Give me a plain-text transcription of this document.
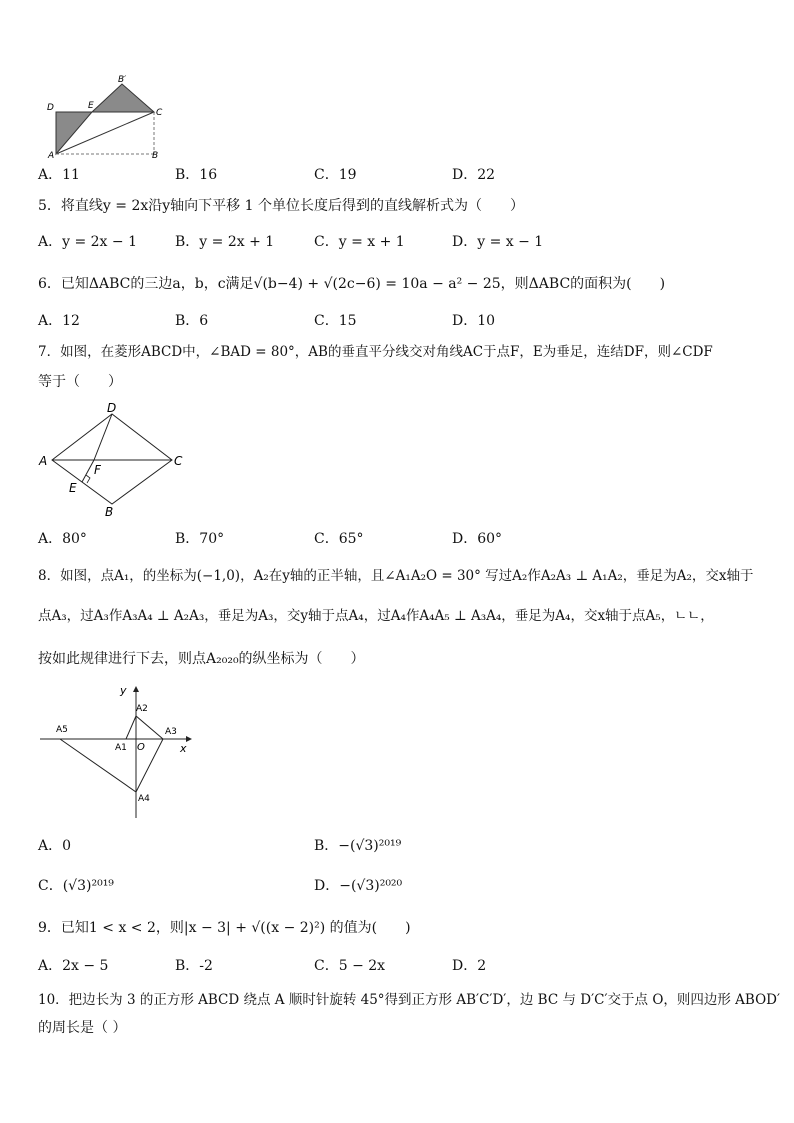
D	E
B′
C
A	B
A．11	B．16	C．19	D．22
5．将直线y = 2x沿y轴向下平移 1 个单位长度后得到的直线解析式为（　　）
A．y = 2x − 1	B．y = 2x + 1	C．y = x + 1	D．y = x − 1
6．已知ΔABC的三边a，b，c满足√(b−4) + √(2c−6) = 10a − a² − 25，则ΔABC的面积为(　　)
A．12	B．6	C．15	D．10
7．如图，在菱形ABCD中，∠BAD = 80°，AB的垂直平分线交对角线AC于点F，E为垂足，连结DF，则∠CDF
等于（　　）
D
A	C
F
E
B
A．80°	B．70°	C．65°	D．60°
8．如图，点A₁，的坐标为(−1,0)，A₂在y轴的正半轴，且∠A₁A₂O = 30° 写过A₂作A₂A₃ ⊥ A₁A₂，垂足为A₂，交x轴于
点A₃，过A₃作A₃A₄ ⊥ A₂A₃，垂足为A₃，交y轴于点A₄，过A₄作A₄A₅ ⊥ A₃A₄，垂足为A₄，交x轴于点A₅，ㄴㄴ，
按如此规律进行下去，则点A₂₀₂₀的纵坐标为（　　）
y
x
A2
A3
A5
A1 O
A4
A．0	B．−(√3)²⁰¹⁹
C．(√3)²⁰¹⁹	D．−(√3)²⁰²⁰
9．已知1 < x < 2，则|x − 3| + √((x − 2)²) 的值为(　　)
A．2x − 5	B．-2	C．5 − 2x	D．2
10．把边长为 3 的正方形 ABCD 绕点 A 顺时针旋转 45°得到正方形 AB′C′D′，边 BC 与 D′C′交于点 O，则四边形 ABOD′
的周长是（ ）
